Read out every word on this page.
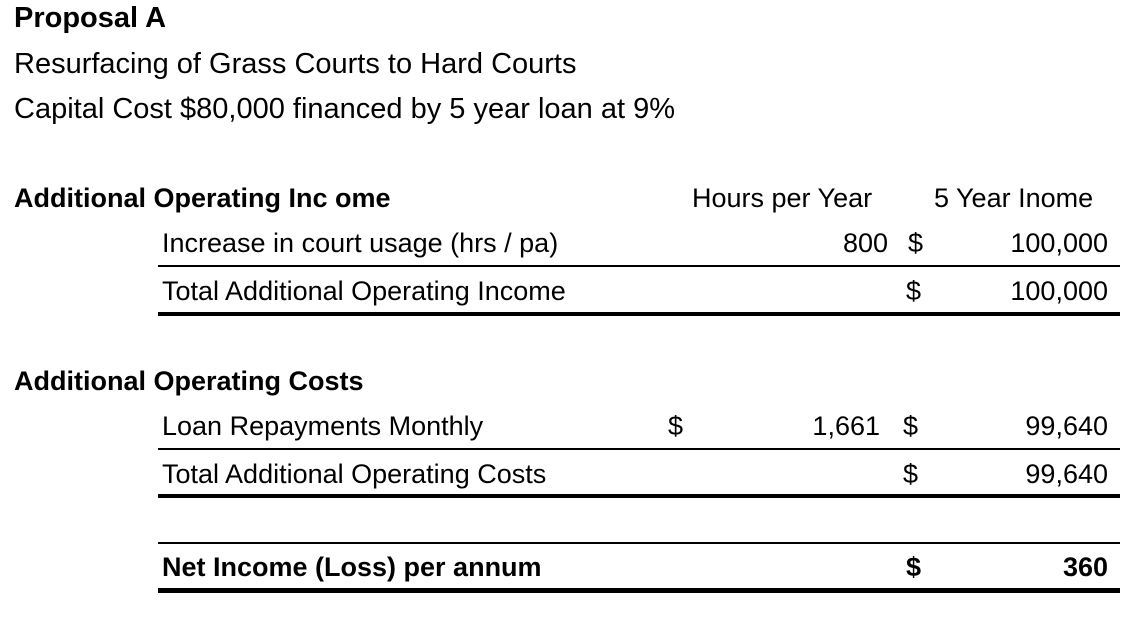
Proposal A
Resurfacing of Grass Courts to Hard Courts
Capital Cost $80,000 financed by 5 year loan at 9%
Additional Operating Inc ome	Hours per Year 5 Year Inome
Increase in court usage (hrs / pa)	800 $	100,000
Total Additional Operating Income	$	100,000
Additional Operating Costs
Loan Repayments Monthly	$	1,661 $	99,640
Total Additional Operating Costs	$	99,640
Net Income (Loss) per annum	$	360
